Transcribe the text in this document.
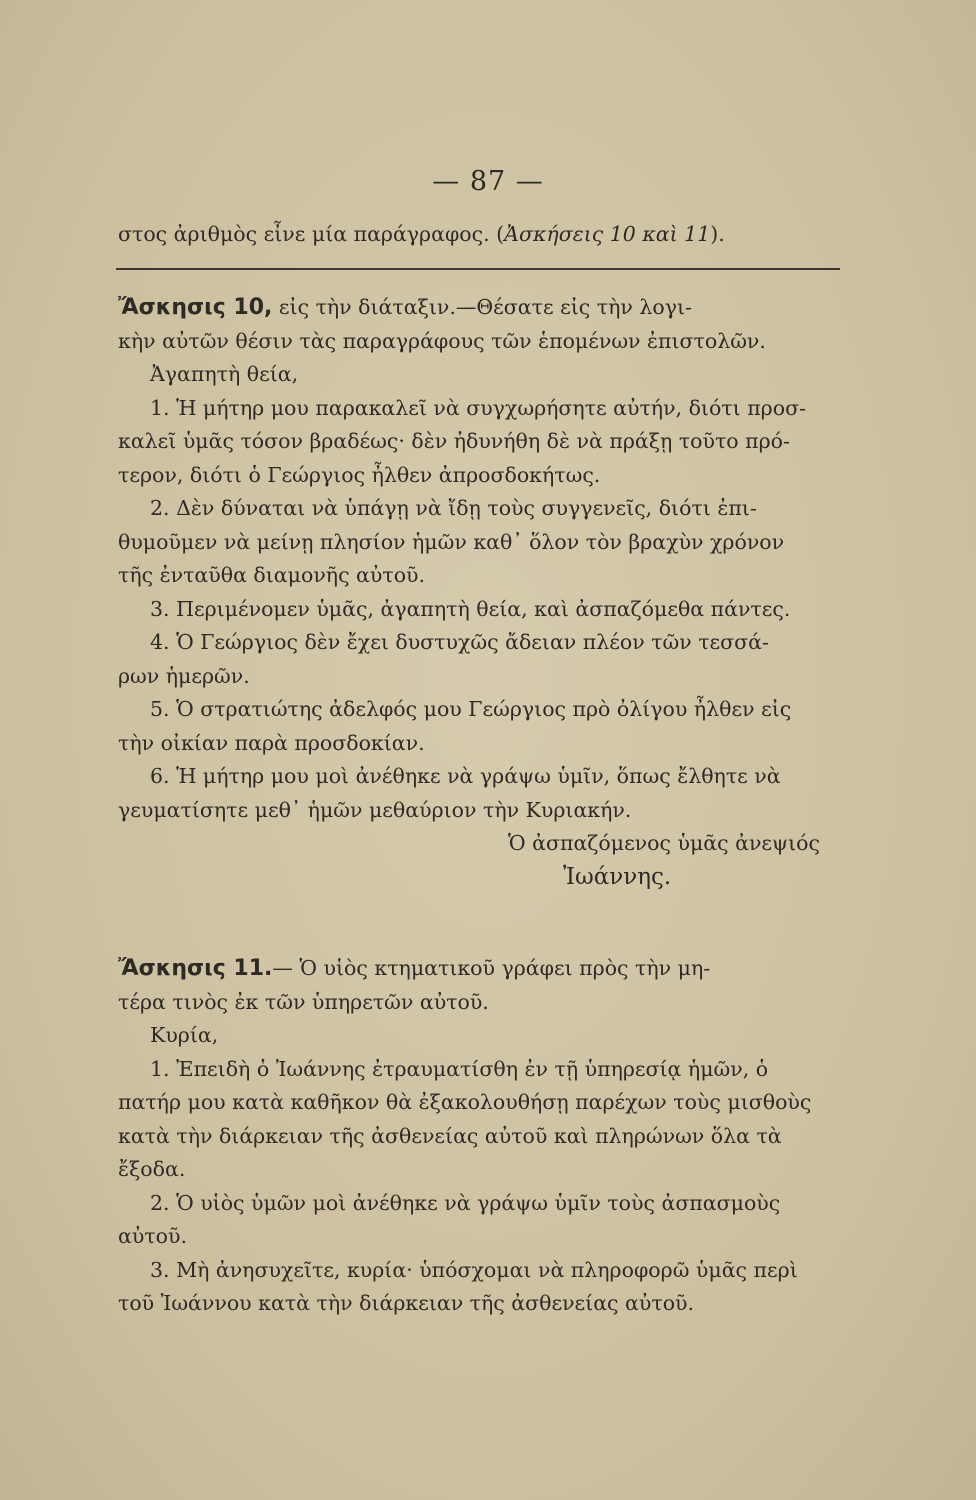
— 87 —
στος ἀριθμὸς εἶνε μία παράγραφος. (Ἀσκήσεις 10 καὶ 11).
Ἄσκησις 10, εἰς τὴν διάταξιν.—Θέσατε εἰς τὴν λογι-
κὴν αὐτῶν θέσιν τὰς παραγράφους τῶν ἑπομένων ἐπιστολῶν.
Ἀγαπητὴ θεία,
1. Ἡ μήτηρ μου παρακαλεῖ νὰ συγχωρήσητε αὐτήν, διότι προσ-
καλεῖ ὑμᾶς τόσον βραδέως· δὲν ἠδυνήθη δὲ νὰ πράξῃ τοῦτο πρό-
τερον, διότι ὁ Γεώργιος ἦλθεν ἀπροσδοκήτως.
2. Δὲν δύναται νὰ ὑπάγῃ νὰ ἴδῃ τοὺς συγγενεῖς, διότι ἐπι-
θυμοῦμεν νὰ μείνῃ πλησίον ἡμῶν καθ᾿ ὅλον τὸν βραχὺν χρόνον
τῆς ἐνταῦθα διαμονῆς αὐτοῦ.
3. Περιμένομεν ὑμᾶς, ἀγαπητὴ θεία, καὶ ἀσπαζόμεθα πάντες.
4. Ὁ Γεώργιος δὲν ἔχει δυστυχῶς ἄδειαν πλέον τῶν τεσσά-
ρων ἡμερῶν.
5. Ὁ στρατιώτης ἀδελφός μου Γεώργιος πρὸ ὀλίγου ἦλθεν εἰς
τὴν οἰκίαν παρὰ προσδοκίαν.
6. Ἡ μήτηρ μου μοὶ ἀνέθηκε νὰ γράψω ὑμῖν, ὅπως ἔλθητε νὰ
γευματίσητε μεθ᾿ ἡμῶν μεθαύριον τὴν Κυριακήν.
Ὁ ἀσπαζόμενος ὑμᾶς ἀνεψιός
Ἰωάννης.
Ἄσκησις 11.— Ὁ υἱὸς κτηματικοῦ γράφει πρὸς τὴν μη-
τέρα τινὸς ἐκ τῶν ὑπηρετῶν αὐτοῦ.
Κυρία,
1. Ἐπειδὴ ὁ Ἰωάννης ἐτραυματίσθη ἐν τῇ ὑπηρεσίᾳ ἡμῶν, ὁ
πατήρ μου κατὰ καθῆκον θὰ ἐξακολουθήσῃ παρέχων τοὺς μισθοὺς
κατὰ τὴν διάρκειαν τῆς ἀσθενείας αὐτοῦ καὶ πληρώνων ὅλα τὰ
ἔξοδα.
2. Ὁ υἱὸς ὑμῶν μοὶ ἀνέθηκε νὰ γράψω ὑμῖν τοὺς ἀσπασμοὺς
αὐτοῦ.
3. Μὴ ἀνησυχεῖτε, κυρία· ὑπόσχομαι νὰ πληροφορῶ ὑμᾶς περὶ
τοῦ Ἰωάννου κατὰ τὴν διάρκειαν τῆς ἀσθενείας αὐτοῦ.
